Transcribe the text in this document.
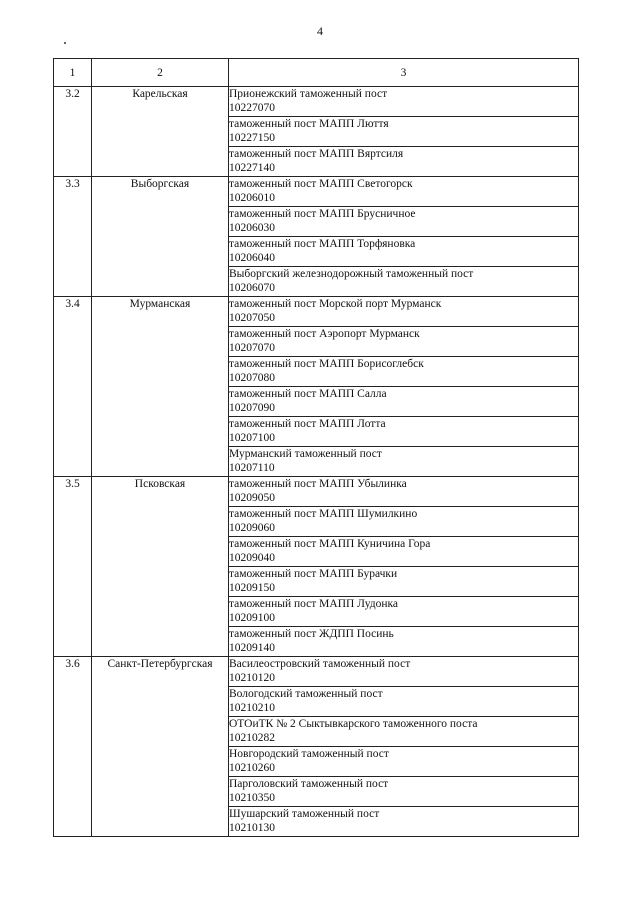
4
1	2	3
3.2	Карельская	Прионежский таможенный пост
10227070

		таможенный пост МАПП Люття
10227150

		таможенный пост МАПП Вяртсиля
10227140

3.3	Выборгская	таможенный пост МАПП Светогорск
10206010

		таможенный пост МАПП Брусничное
10206030

		таможенный пост МАПП Торфяновка
10206040

		Выборгский железнодорожный таможенный пост
10206070

3.4	Мурманская	таможенный пост Морской порт Мурманск
10207050

		таможенный пост Аэропорт Мурманск
10207070

		таможенный пост МАПП Борисоглебск
10207080

		таможенный пост МАПП Салла
10207090

		таможенный пост МАПП Лотта
10207100

		Мурманский таможенный пост
10207110

3.5	Псковская	таможенный пост МАПП Убылинка
10209050

		таможенный пост МАПП Шумилкино
10209060

		таможенный пост МАПП Куничина Гора
10209040

		таможенный пост МАПП Бурачки
10209150

		таможенный пост МАПП Лудонка
10209100

		таможенный пост ЖДПП Посинь
10209140

3.6	Санкт-Петербургская	Василеостровский таможенный пост
10210120

		Вологодский таможенный пост
10210210

		ОТОиТК № 2 Сыктывкарского таможенного поста
10210282

		Новгородский таможенный пост
10210260

		Парголовский таможенный пост
10210350

		Шушарский таможенный пост
10210130
